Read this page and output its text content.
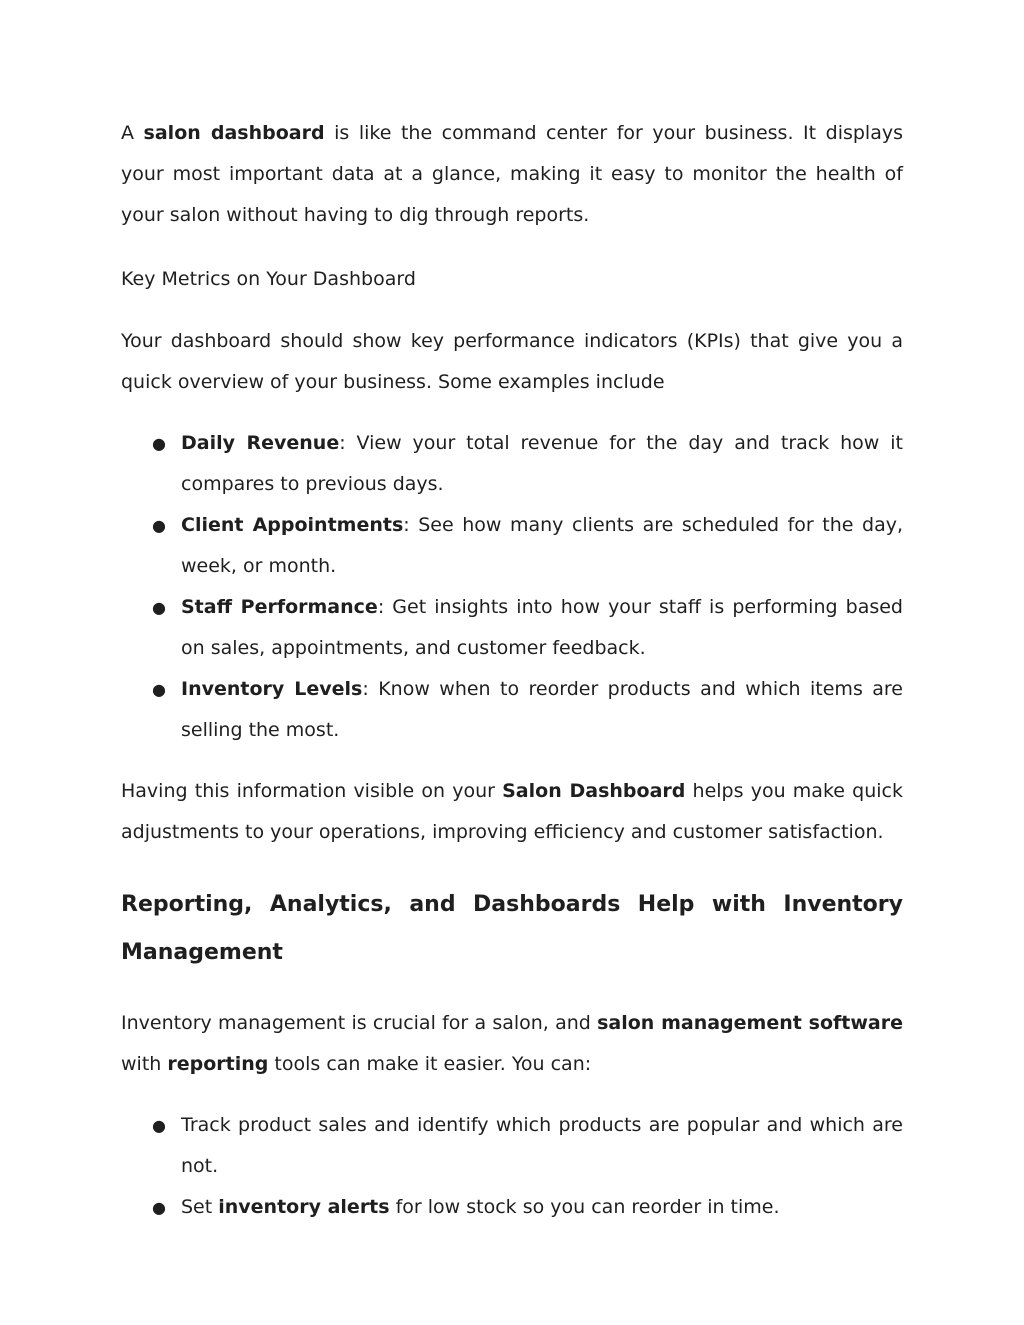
A salon dashboard is like the command center for your business. It displays your most important data at a glance, making it easy to monitor the health of your salon without having to dig through reports.

Key Metrics on Your Dashboard

Your dashboard should show key performance indicators (KPIs) that give you a quick overview of your business. Some examples include

● Daily Revenue: View your total revenue for the day and track how it compares to previous days.
● Client Appointments: See how many clients are scheduled for the day, week, or month.
● Staff Performance: Get insights into how your staff is performing based on sales, appointments, and customer feedback.
● Inventory Levels: Know when to reorder products and which items are selling the most.

Having this information visible on your Salon Dashboard helps you make quick adjustments to your operations, improving efficiency and customer satisfaction.

Reporting, Analytics, and Dashboards Help with Inventory
Management

Inventory management is crucial for a salon, and salon management software with reporting tools can make it easier. You can:

● Track product sales and identify which products are popular and which are not.
● Set inventory alerts for low stock so you can reorder in time.
